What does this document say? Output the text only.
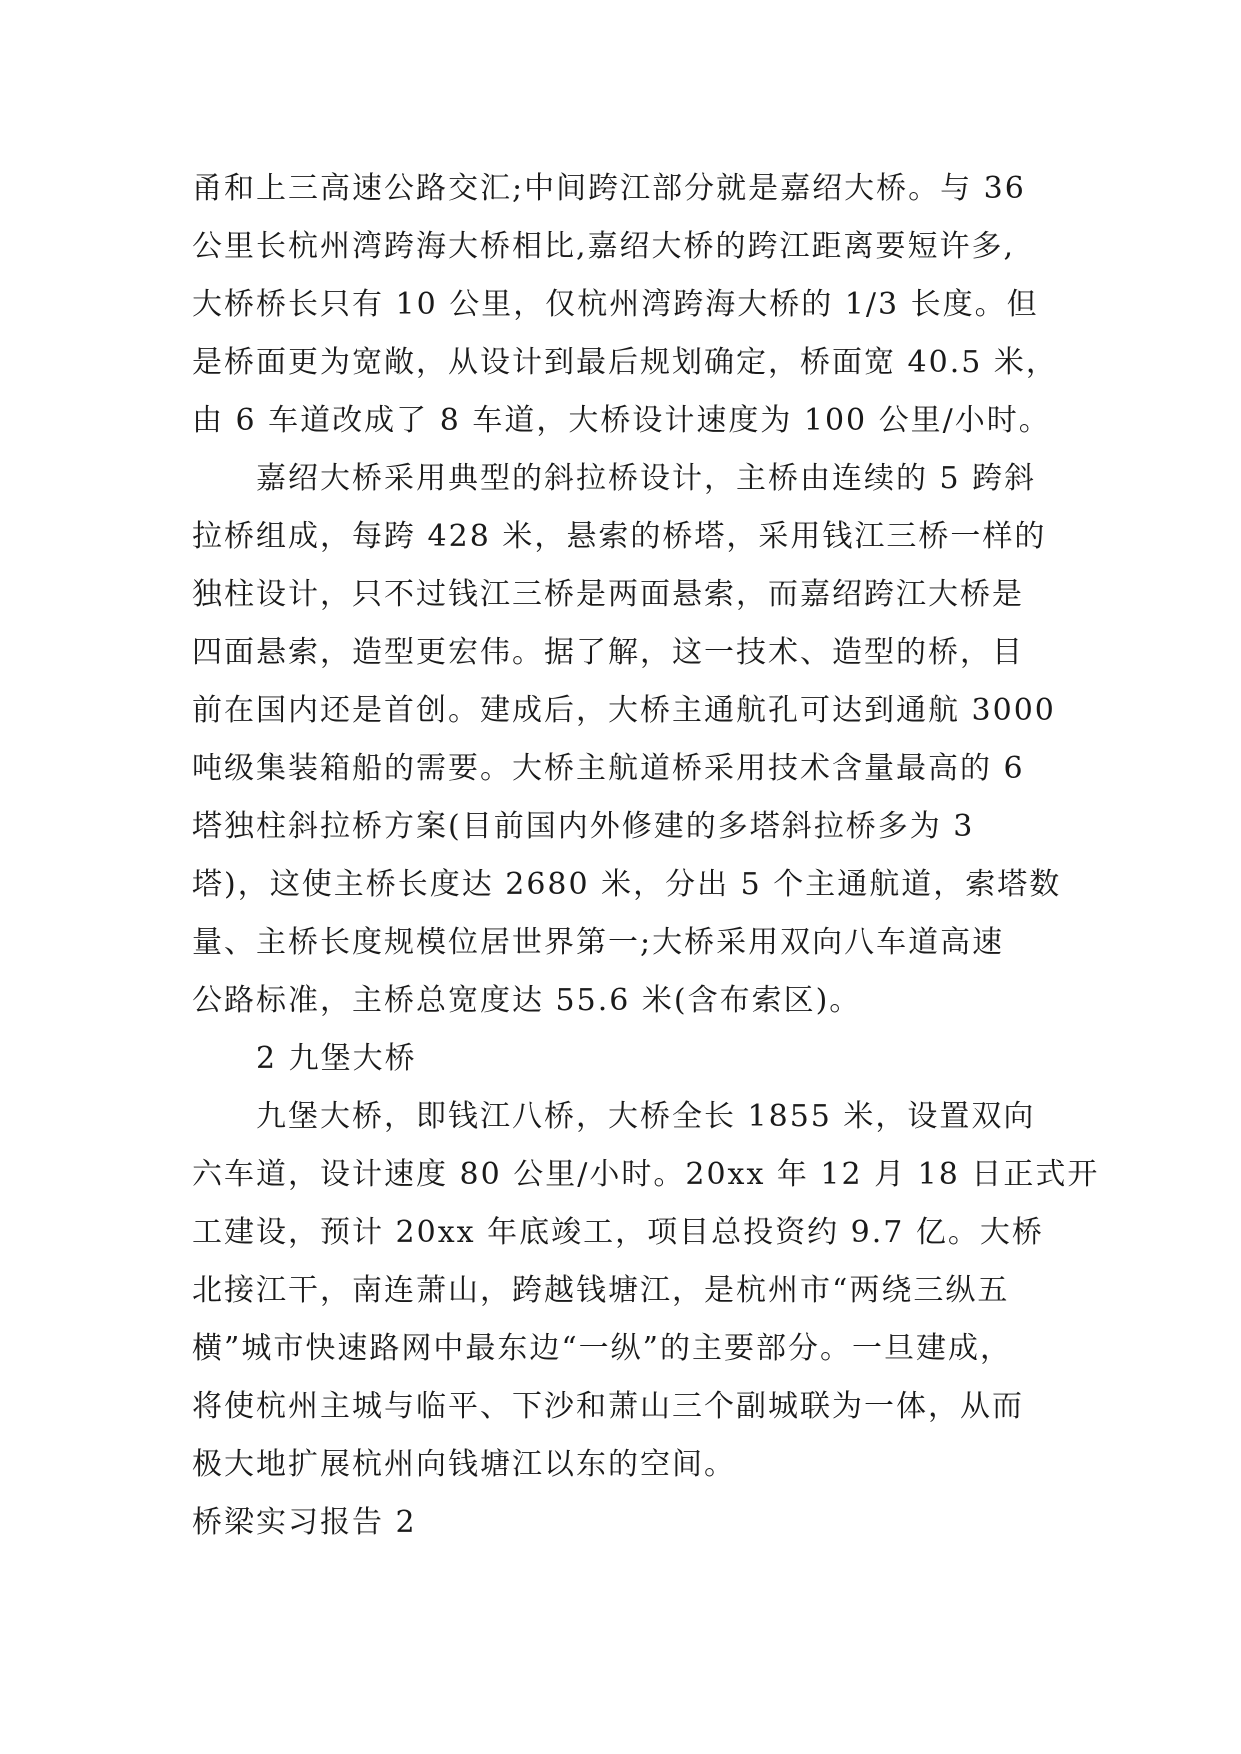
甬和上三高速公路交汇;中间跨江部分就是嘉绍大桥。与 36
公里长杭州湾跨海大桥相比,嘉绍大桥的跨江距离要短许多,
大桥桥长只有 10 公里，仅杭州湾跨海大桥的 1/3 长度。但
是桥面更为宽敞，从设计到最后规划确定，桥面宽 40.5 米，
由 6 车道改成了 8 车道，大桥设计速度为 100 公里/小时。
嘉绍大桥采用典型的斜拉桥设计，主桥由连续的 5 跨斜
拉桥组成，每跨 428 米，悬索的桥塔，采用钱江三桥一样的
独柱设计，只不过钱江三桥是两面悬索，而嘉绍跨江大桥是
四面悬索，造型更宏伟。据了解，这一技术、造型的桥，目
前在国内还是首创。建成后，大桥主通航孔可达到通航 3000
吨级集装箱船的需要。大桥主航道桥采用技术含量最高的 6
塔独柱斜拉桥方案(目前国内外修建的多塔斜拉桥多为 3
塔)，这使主桥长度达 2680 米，分出 5 个主通航道，索塔数
量、主桥长度规模位居世界第一;大桥采用双向八车道高速
公路标准，主桥总宽度达 55.6 米(含布索区)。
2 九堡大桥
九堡大桥，即钱江八桥，大桥全长 1855 米，设置双向
六车道，设计速度 80 公里/小时。20xx 年 12 月 18 日正式开
工建设，预计 20xx 年底竣工，项目总投资约 9.7 亿。大桥
北接江干，南连萧山，跨越钱塘江，是杭州市“两绕三纵五
横”城市快速路网中最东边“一纵”的主要部分。一旦建成，
将使杭州主城与临平、下沙和萧山三个副城联为一体，从而
极大地扩展杭州向钱塘江以东的空间。
桥梁实习报告 2
